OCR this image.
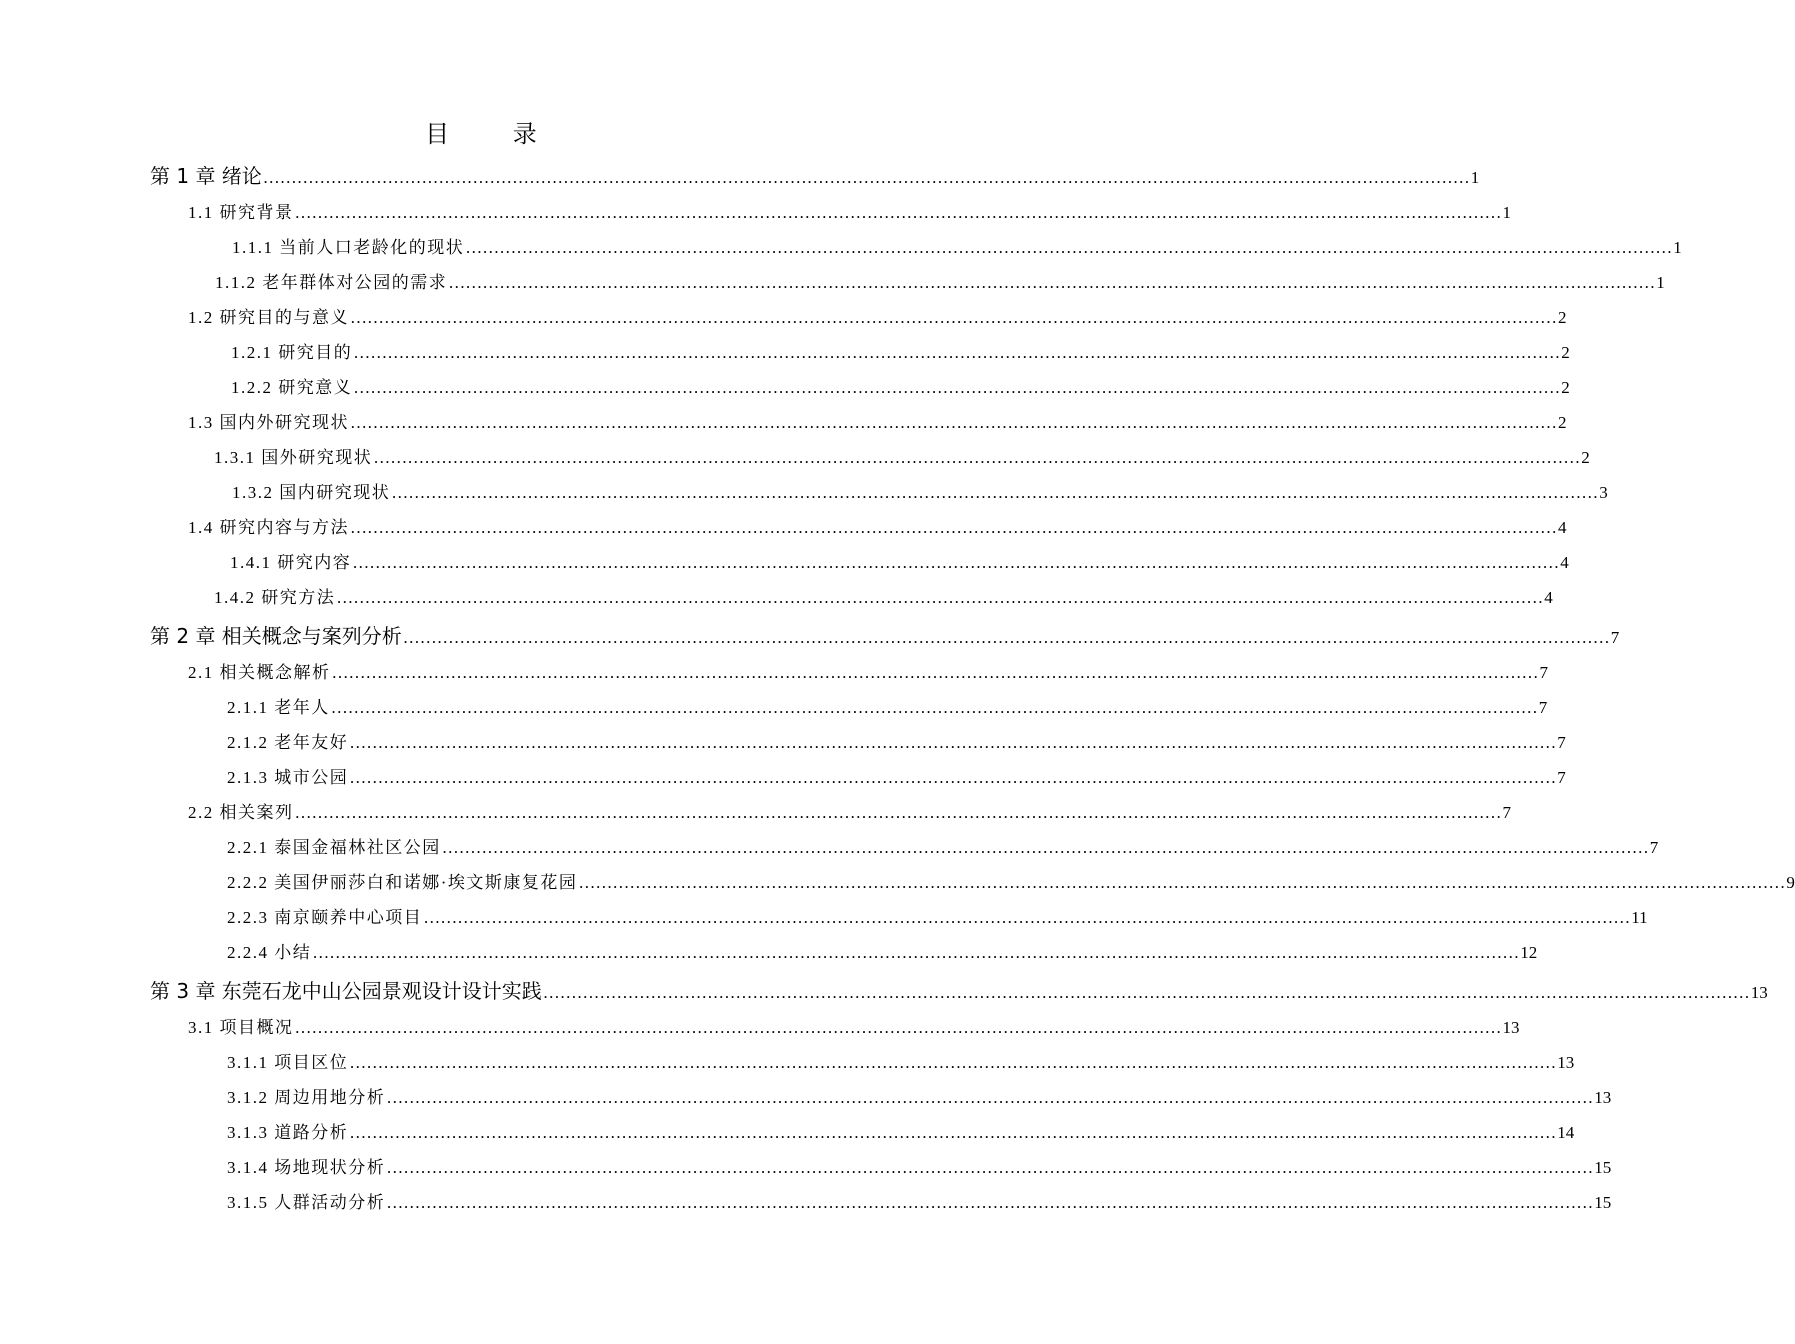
目 录
第 1 章 绪论 …………………………………………………………………………………………………………………………………………………………………………………………… 1
1.1 研究背景 …………………………………………………………………………………………………………………………………………………………………………………………… 1
1.1.1 当前人口老龄化的现状 …………………………………………………………………………………………………………………………………………………………………………………………… 1
1.1.2 老年群体对公园的需求 …………………………………………………………………………………………………………………………………………………………………………………………… 1
1.2 研究目的与意义 …………………………………………………………………………………………………………………………………………………………………………………………… 2
1.2.1 研究目的 …………………………………………………………………………………………………………………………………………………………………………………………… 2
1.2.2 研究意义 …………………………………………………………………………………………………………………………………………………………………………………………… 2
1.3 国内外研究现状 …………………………………………………………………………………………………………………………………………………………………………………………… 2
1.3.1 国外研究现状 …………………………………………………………………………………………………………………………………………………………………………………………… 2
1.3.2 国内研究现状 …………………………………………………………………………………………………………………………………………………………………………………………… 3
1.4 研究内容与方法 …………………………………………………………………………………………………………………………………………………………………………………………… 4
1.4.1 研究内容 …………………………………………………………………………………………………………………………………………………………………………………………… 4
1.4.2 研究方法 …………………………………………………………………………………………………………………………………………………………………………………………… 4
第 2 章 相关概念与案列分析 …………………………………………………………………………………………………………………………………………………………………………………………… 7
2.1 相关概念解析 …………………………………………………………………………………………………………………………………………………………………………………………… 7
2.1.1 老年人 …………………………………………………………………………………………………………………………………………………………………………………………… 7
2.1.2 老年友好 …………………………………………………………………………………………………………………………………………………………………………………………… 7
2.1.3 城市公园 …………………………………………………………………………………………………………………………………………………………………………………………… 7
2.2 相关案列 …………………………………………………………………………………………………………………………………………………………………………………………… 7
2.2.1 泰国金福林社区公园 …………………………………………………………………………………………………………………………………………………………………………………………… 7
2.2.2 美国伊丽莎白和诺娜·埃文斯康复花园 …………………………………………………………………………………………………………………………………………………………………………………………… 9
2.2.3 南京颐养中心项目 …………………………………………………………………………………………………………………………………………………………………………………………… 11
2.2.4 小结 …………………………………………………………………………………………………………………………………………………………………………………………… 12
第 3 章 东莞石龙中山公园景观设计设计实践 …………………………………………………………………………………………………………………………………………………………………………………………… 13
3.1 项目概况 …………………………………………………………………………………………………………………………………………………………………………………………… 13
3.1.1 项目区位 …………………………………………………………………………………………………………………………………………………………………………………………… 13
3.1.2 周边用地分析 …………………………………………………………………………………………………………………………………………………………………………………………… 13
3.1.3 道路分析 …………………………………………………………………………………………………………………………………………………………………………………………… 14
3.1.4 场地现状分析 …………………………………………………………………………………………………………………………………………………………………………………………… 15
3.1.5 人群活动分析 …………………………………………………………………………………………………………………………………………………………………………………………… 15
